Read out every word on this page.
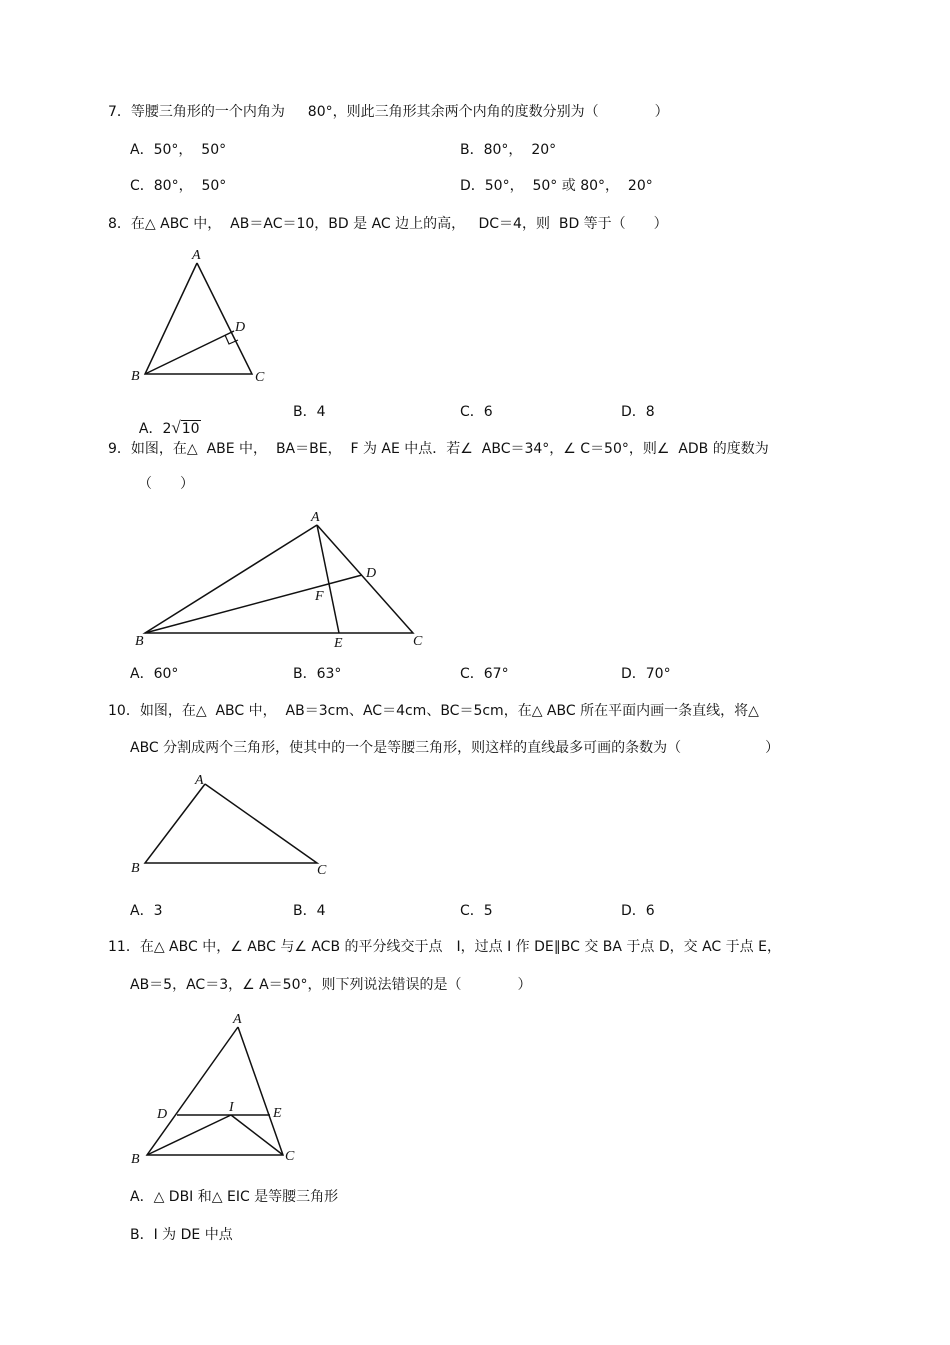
7．等腰三角形的一个内角为　  80°，则此三角形其余两个内角的度数分别为（　　　　）
A．50°，  50°	B．80°，  20°
C．80°，  50°	D．50°，  50° 或 80°，  20°
8．在△ ABC 中，  AB＝AC＝10，BD 是 AC 边上的高，   DC＝4，则  BD 等于（　　）
A
B	C
D

A．2√10

B．4	C．6	D．8
9．如图，在△  ABE 中，  BA＝BE，  F 为 AE 中点．若∠  ABC＝34°，∠ C＝50°，则∠  ADB 的度数为
（　　）
A
B	C
D
E
F
A．60°	B．63°	C．67°	D．70°
10．如图，在△  ABC 中，  AB＝3cm、AC＝4cm、BC＝5cm，在△ ABC 所在平面内画一条直线，将△
ABC 分割成两个三角形，使其中的一个是等腰三角形，则这样的直线最多可画的条数为（　　　　　　）
A
B	C
A．3	B．4	C．5	D．6
11．在△ ABC 中，∠ ABC 与∠ ACB 的平分线交于点　I，过点 I 作 DE∥BC 交 BA 于点 D，交 AC 于点 E，
AB＝5，AC＝3，∠ A＝50°，则下列说法错误的是（　　　　）
A
B	C
D	E
I
A．△ DBI 和△ EIC 是等腰三角形
B．I 为 DE 中点
